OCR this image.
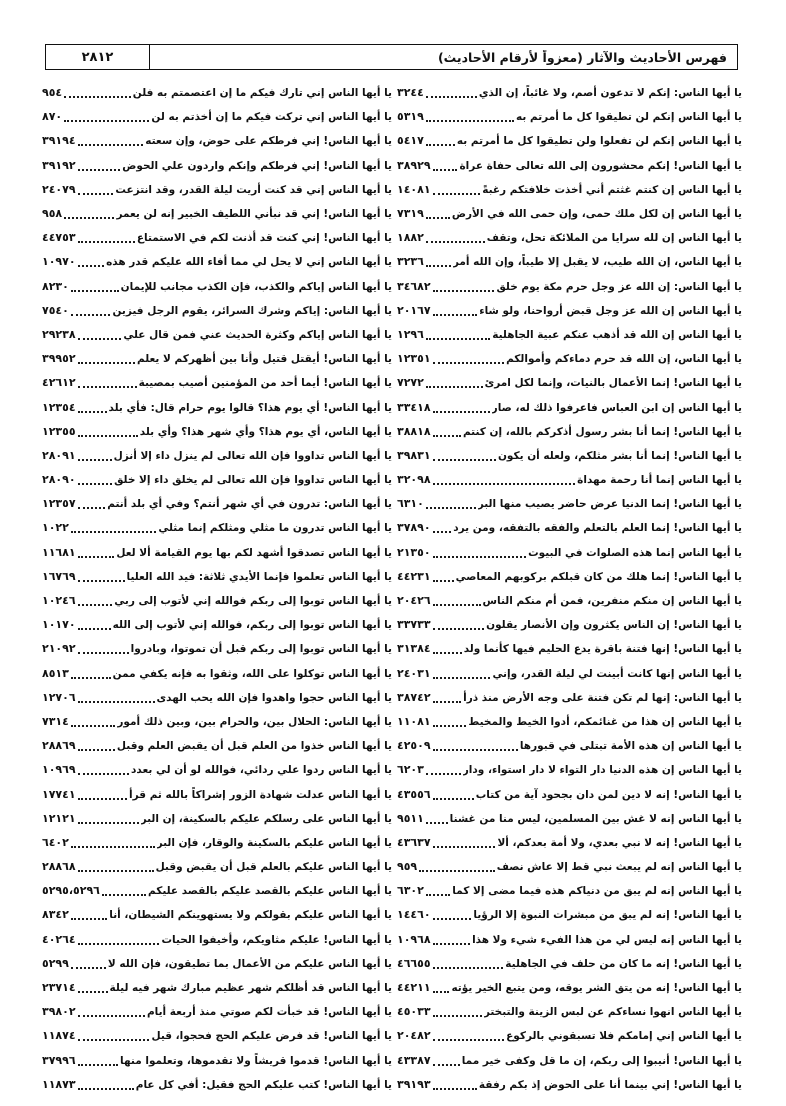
فهرس الأحاديث والآثار (معزواً لأرقام الأحاديث)
٢٨١٢
يا أيها الناس: إنكم لا تدعون أصم، ولا غائباً، إن الذي
٣٢٤٤
يا أيها الناس إنكم لن تطيقوا كل ما أمرتم به
٥٣١٩
يا أيها الناس إنكم لن تفعلوا ولن تطيقوا كل ما أمرتم به
٥٤١٧
يا أيها الناس! إنكم محشورون إلى الله تعالى حفاة عراة
٣٨٩٢٩
يا أيها الناس إن كنتم غثتم أني أخذت خلافتكم رغبةً
١٤٠٨١
يا أيها الناس إن لكل ملك حمى، وإن حمى الله في الأرض
٧٣١٩
يا أيها الناس إن لله سرايا من الملائكة تحل، وتقف
١٨٨٢
يا أيها الناس، إن الله طيب، لا يقبل إلا طيباً، وإن الله أمر
٣٢٣٦
يا أيها الناس: إن الله عز وجل حرم مكة يوم خلق
٣٤٦٨٢
يا أيها الناس إن الله عز وجل قبض أرواحنا، ولو شاء
٢٠١٦٧
يا أيها الناس إن الله قد أذهب عنكم عبية الجاهلية
١٢٩٦
يا أيها الناس، إن الله قد حرم دماءكم وأموالكم
١٢٣٥١
يا أيها الناس! إنما الأعمال بالنيات، وإنما لكل امرئ
٧٢٧٢
يا أيها الناس إن ابن العباس فاعرفوا ذلك له، صار
٣٣٤١٨
يا أيها الناس! إنما أنا بشر رسول أذكركم بالله، إن كنتم
٣٨٨١٨
يا أيها الناس! إنما أنا بشر مثلكم، ولعله أن يكون
٣٩٨٣١
يا أيها الناس إنما أنا رحمة مهداة
٣٢٠٩٨
يا أيها الناس! إنما الدنيا عرض حاضر يصيب منها البر
٦٣١٠
يا أيها الناس! إنما العلم بالتعلم والفقه بالتفقه، ومن يرد
٣٧٨٩٠
يا أيها الناس إنما هذه الصلوات في البيوت
٢١٣٥٠
يا أيها الناس! إنما هلك من كان قبلكم بركوبهم المعاصي
٤٤٢٣١
يا أيها الناس إن منكم منفرين، فمن أم منكم الناس
٢٠٤٢٦
يا أيها الناس! إن الناس يكثرون وإن الأنصار يقلون
٣٣٧٣٣
يا أيها الناس! إنها فتنة باقرة يدع الحليم فيها كأنما ولد
٣١٣٨٤
يا أيها الناس إنها كانت أبينت لي ليلة القدر، وإني
٢٤٠٣١
يا أيها الناس: إنها لم تكن فتنة على وجه الأرض منذ ذرأ
٣٨٧٤٢
يا أيها الناس إن هذا من غنائمكم، أدوا الخيط والمخيط
١١٠٨١
يا أيها الناس إن هذه الأمة تبتلى في قبورها
٤٢٥٠٩
يا أيها الناس إن هذه الدنيا دار التواء لا دار استواء، ودار
٦٢٠٣
يا أيها الناس! إنه لا دين لمن دان بجحود آية من كتاب
٤٣٥٥٦
يا أيها الناس إنه لا غش بين المسلمين، ليس منا من غشنا
٩٥١١
يا أيها الناس! إنه لا نبي بعدي، ولا أمة بعدكم، ألا
٤٣٦٣٧
يا أيها الناس إنه لم يبعث نبي قط إلا عاش نصف
٩٥٩
يا أيها الناس إنه لم يبق من دنياكم هذه فيما مضى إلا كما
٦٣٠٢
يا أيها الناس! إنه لم يبق من مبشرات النبوة إلا الرؤيا
١٤٤٦٠
يا أيها الناس إنه ليس لي من هذا الفيء شيء ولا هذا
١٠٩٦٨
يا أيها الناس! إنه ما كان من حلف في الجاهلية
٤٦٦٥٥
يا أيها الناس! إنه من يتق الشر يوقه، ومن يتبع الخير يؤته
٤٤٢١١
يا أيها الناس انهوا نساءكم عن لبس الزينة والتبختر
٤٥٠٣٣
يا أيها الناس إني إمامكم فلا تسبقوني بالركوع
٢٠٤٨٢
يا أيها الناس! أنيبوا إلى ربكم، إن ما قل وكفى خير مما
٤٣٣٨٧
يا أيها الناس! إني بينما أنا على الحوض إذ بكم رفقة
٣٩١٩٣
يا أيها الناس إني تارك فيكم ما إن اعتصمتم به فلن
٩٥٤
يا أيها الناس إني تركت فيكم ما إن أخذتم به لن
٨٧٠
يا أيها الناس! إني فرطكم على حوض، وإن سعته
٣٩١٩٤
يا أيها الناس! إني فرطكم وإنكم واردون علي الحوض
٣٩١٩٢
يا أيها الناس إني قد كنت أريت ليلة القدر، وقد انتزعت
٢٤٠٧٩
يا أيها الناس! إني قد نبأني اللطيف الخبير إنه لن يعمر
٩٥٨
يا أيها الناس! إني كنت قد أذنت لكم في الاستمتاع
٤٤٧٥٣
يا أيها الناس إني لا يحل لي مما أفاء الله عليكم قدر هذه
١٠٩٧٠
يا أيها الناس إياكم والكذب، فإن الكذب مجانب للإيمان
٨٢٣٠
يا أيها الناس: إياكم وشرك السرائر، يقوم الرجل فيزين
٧٥٤٠
يا أيها الناس إياكم وكثرة الحديث عني فمن قال علي
٢٩٢٣٨
يا أيها الناس! أيقتل قتيل وأنا بين أظهركم لا يعلم
٣٩٩٥٢
يا أيها الناس! أيما أحد من المؤمنين أصيب بمصيبة
٤٢٦١٢
يا أيها الناس! أي يوم هذا؟ قالوا يوم حرام قال: فأي بلد
١٢٣٥٤
يا أيها الناس، أي يوم هذا؟ وأي شهر هذا؟ وأي بلد
١٢٣٥٥
يا أيها الناس تداووا فإن الله تعالى لم ينزل داء إلا أنزل
٢٨٠٩١
يا أيها الناس تداووا فإن الله تعالى لم يخلق داء إلا خلق
٢٨٠٩٠
يا أيها الناس: تدرون في أي شهر أنتم؟ وفي أي بلد أنتم
١٢٣٥٧
يا أيها الناس تدرون ما مثلي ومثلكم إنما مثلي
١٠٢٢
يا أيها الناس تصدقوا أشهد لكم بها يوم القيامة ألا لعل
١١٦٨١
يا أيها الناس تعلموا فإنما الأيدي ثلاثة: فيد الله العليا
١٦٧٦٩
يا أيها الناس توبوا إلى ربكم فوالله إني لأتوب إلى ربي
١٠٢٤٦
يا أيها الناس توبوا إلى ربكم، فوالله إني لأتوب إلى الله
١٠١٧٠
يا أيها الناس توبوا إلى ربكم قبل أن تموتوا، وبادروا
٢١٠٩٢
يا أيها الناس توكلوا على الله، وثقوا به فإنه يكفي ممن
٨٥١٣
يا أيها الناس حجوا واهدوا فإن الله يحب الهدى
١٢٧٠٦
يا أيها الناس: الحلال بين، والحرام بين، وبين ذلك أمور
٧٣١٤
يا أيها الناس خذوا من العلم قبل أن يقبض العلم وقبل
٢٨٨٦٩
يا أيها الناس ردوا علي ردائي، فوالله لو أن لي بعدد
١٠٩٦٩
يا أيها الناس عدلت شهادة الزور إشراكاً بالله ثم قرأ
١٧٧٤١
يا أيها الناس على رسلكم عليكم بالسكينة، إن البر
١٢١٢١
يا أيها الناس عليكم بالسكينة والوقار، فإن البر
٦٤٠٢
يا أيها الناس عليكم بالعلم قبل أن يقبض وقبل
٢٨٨٦٨
يا أيها الناس عليكم بالقصد عليكم بالقصد عليكم
٥٢٩٥،٥٢٩٦
يا أيها الناس عليكم بقولكم ولا يستهوينكم الشيطان، أنا
٨٣٤٢
يا أيها الناس! عليكم مثاويكم، وأخيفوا الحيات
٤٠٢٦٤
يا أيها الناس عليكم من الأعمال بما تطيقون، فإن الله لا
٥٢٩٩
يا أيها الناس قد أظلكم شهر عظيم مبارك شهر فيه ليلة
٢٣٧١٤
يا أيها الناس! قد خبأت لكم صوتي منذ أربعة أيام
٣٩٨٠٢
يا أيها الناس! قد فرض عليكم الحج فحجوا، قيل
١١٨٧٤
يا أيها الناس! قدموا قريشاً ولا تقدموها، وتعلموا منها
٣٧٩٩٦
يا أيها الناس! كتب عليكم الحج فقيل: أفي كل عام
١١٨٧٣
